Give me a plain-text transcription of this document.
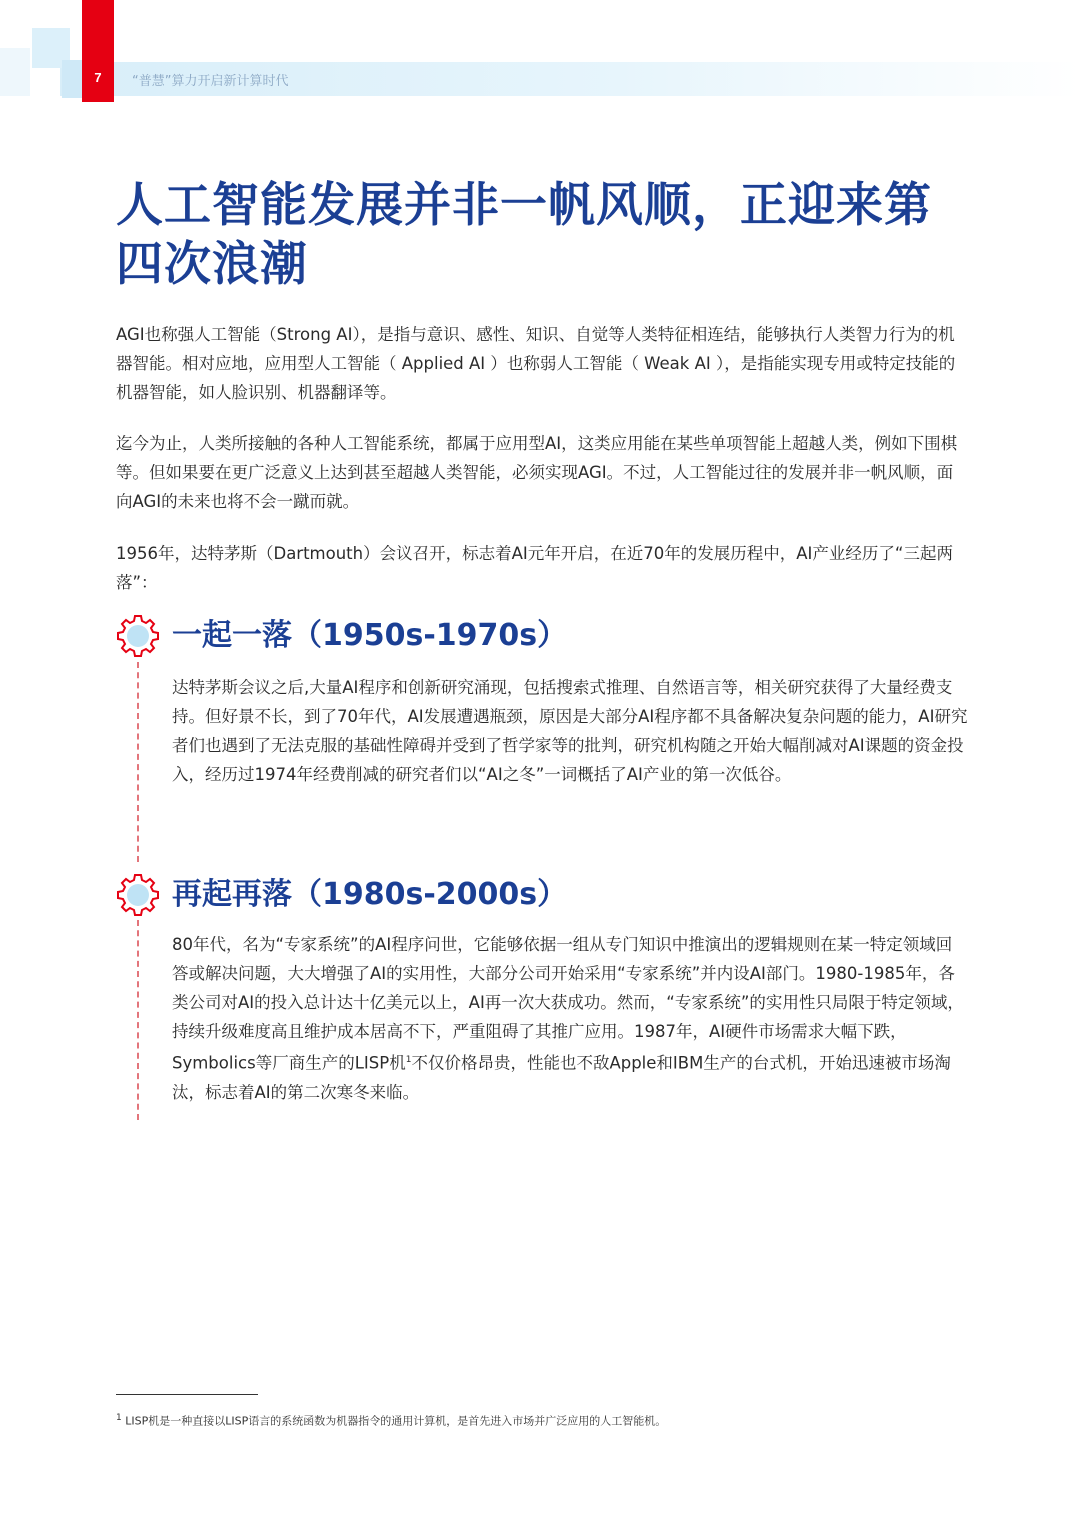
7	“普慧”算力开启新计算时代
人工智能发展并非一帆风顺，正迎来第四次浪潮

AGI也称强人工智能（Strong AI），是指与意识、感性、知识、自觉等人类特征相连结，能够执行人类智力行为的机器智能。相对应地，应用型人工智能（ Applied AI ）也称弱人工智能（ Weak AI ），是指能实现专用或特定技能的机器智能，如人脸识别、机器翻译等。

迄今为止，人类所接触的各种人工智能系统，都属于应用型AI，这类应用能在某些单项智能上超越人类，例如下围棋等。但如果要在更广泛意义上达到甚至超越人类智能，必须实现AGI。不过，人工智能过往的发展并非一帆风顺，面向AGI的未来也将不会一蹴而就。

1956年，达特茅斯（Dartmouth）会议召开，标志着AI元年开启，在近70年的发展历程中，AI产业经历了“三起两落”：

一起一落（1950s-1970s）

达特茅斯会议之后,大量AI程序和创新研究涌现，包括搜索式推理、自然语言等，相关研究获得了大量经费支持。但好景不长，到了70年代，AI发展遭遇瓶颈，原因是大部分AI程序都不具备解决复杂问题的能力，AI研究者们也遇到了无法克服的基础性障碍并受到了哲学家等的批判，研究机构随之开始大幅削减对AI课题的资金投入，经历过1974年经费削减的研究者们以“AI之冬”一词概括了AI产业的第一次低谷。

再起再落（1980s-2000s）

80年代，名为“专家系统”的AI程序问世，它能够依据一组从专门知识中推演出的逻辑规则在某一特定领域回答或解决问题，大大增强了AI的实用性，大部分公司开始采用“专家系统”并内设AI部门。1980-1985年，各类公司对AI的投入总计达十亿美元以上，AI再一次大获成功。然而，“专家系统”的实用性只局限于特定领域，持续升级难度高且维护成本居高不下，严重阻碍了其推广应用。1987年，AI硬件市场需求大幅下跌，Symbolics等厂商生产的LISP机$^1$不仅价格昂贵，性能也不敌Apple和IBM生产的台式机，开始迅速被市场淘汰，标志着AI的第二次寒冬来临。

$^1$ LISP机是一种直接以LISP语言的系统函数为机器指令的通用计算机，是首先进入市场并广泛应用的人工智能机。
